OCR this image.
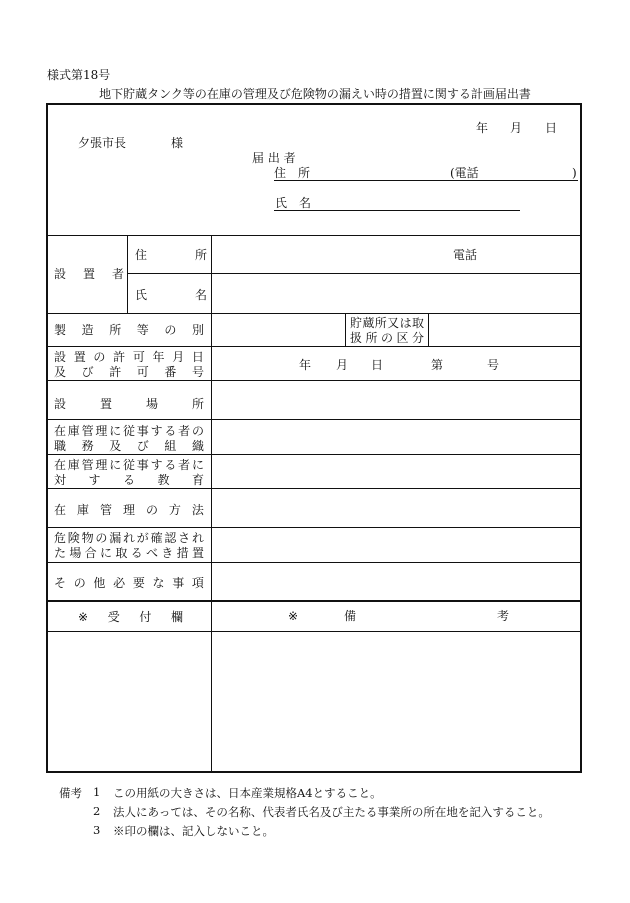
様式第18号
地下貯蔵タンク等の在庫の管理及び危険物の漏えい時の措置に関する計画届出書
年 月 日
夕張市長	様
届 出 者
住　所	(電話	)
氏　名
設 置 者
住	所
氏	名
電話
製 造 所 等 の 別	貯 蔵 所 又 は 取
扱 所 の 区 分
設 置 の 許 可 年 月 日
及 び 許 可 番 号	年 月 日	第	号
設	置	場	所
在 庫 管 理 に 従 事 す る 者 の
職 務 及 び 組 織
在 庫 管 理 に 従 事 す る 者 に
対 す る 教 育
在 庫 管 理 の 方 法
危 険 物 の 漏 れ が 確 認 さ れ
た 場 合 に 取 る べ き 措 置
そ の 他 必 要 な 事 項
※ 受 付 欄	※	備	考
備考 1 この用紙の大きさは、日本産業規格A4とすること。
2 法人にあっては、その名称、代表者氏名及び主たる事業所の所在地を記入すること。
3 ※印の欄は、記入しないこと。
